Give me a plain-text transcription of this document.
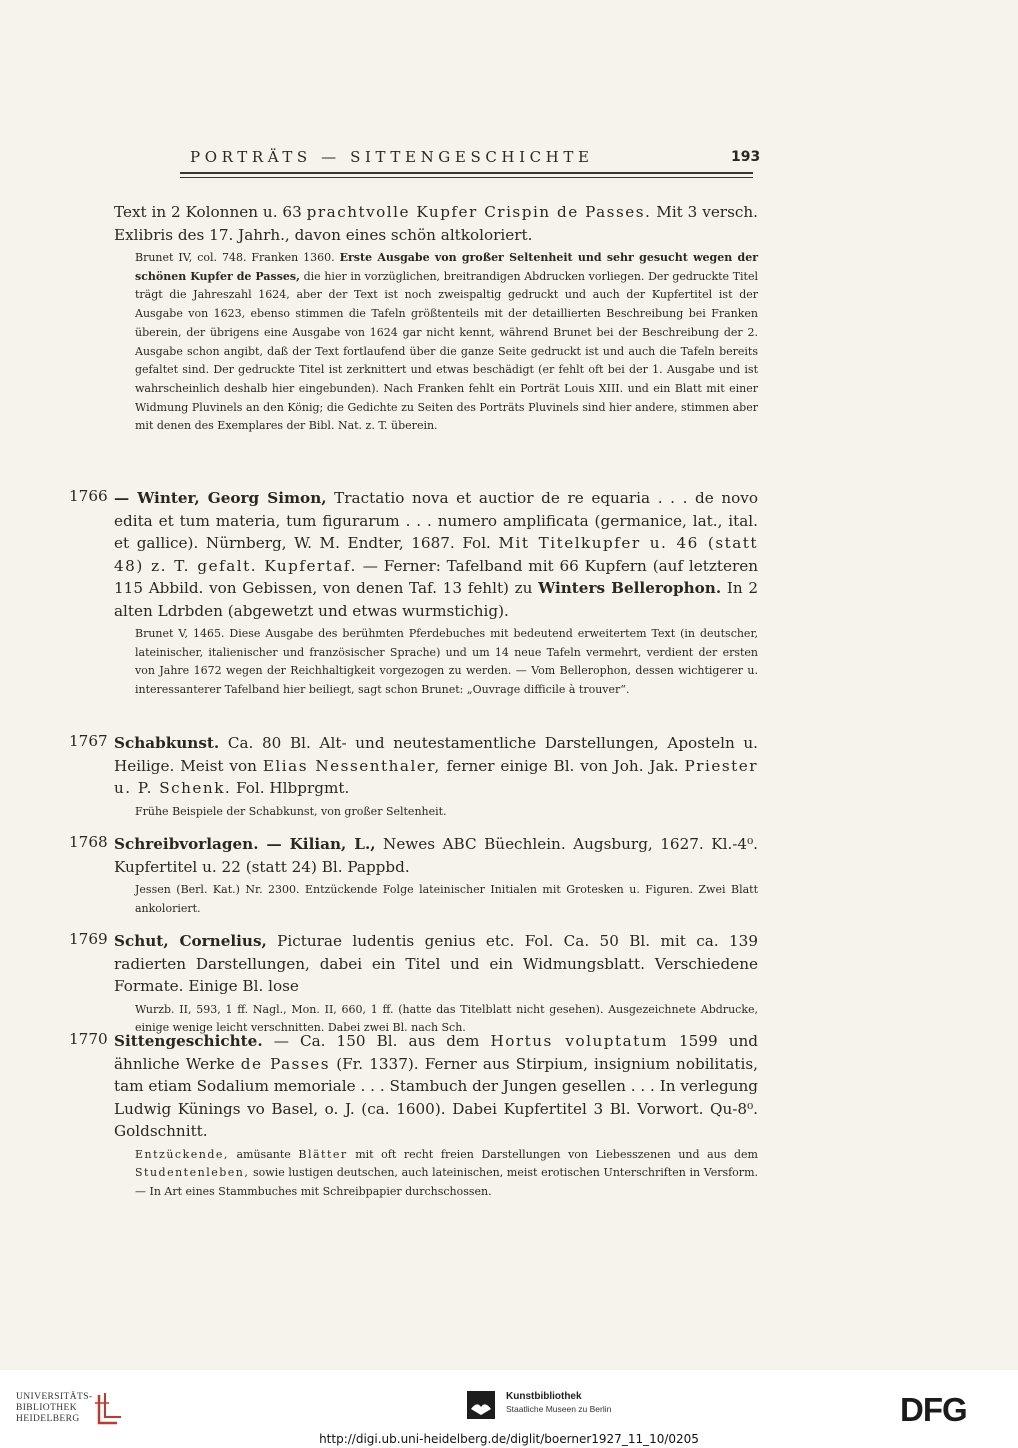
PORTRÄTS — SITTENGESCHICHTE	193
Text in 2 Kolonnen u. 63 prachtvolle Kupfer Crispin de Passes. Mit 3 versch. Exlibris des 17. Jahrh., davon eines schön altkoloriert.
Brunet IV, col. 748. Franken 1360. Erste Ausgabe von großer Seltenheit und sehr gesucht wegen der schönen Kupfer de Passes, die hier in vorzüglichen, breitrandigen Abdrucken vorliegen. Der gedruckte Titel trägt die Jahreszahl 1624, aber der Text ist noch zweispaltig gedruckt und auch der Kupfertitel ist der Ausgabe von 1623, ebenso stimmen die Tafeln größtenteils mit der detaillierten Beschreibung bei Franken überein, der übrigens eine Ausgabe von 1624 gar nicht kennt, während Brunet bei der Beschreibung der 2. Ausgabe schon angibt, daß der Text fortlaufend über die ganze Seite gedruckt ist und auch die Tafeln bereits gefaltet sind. Der gedruckte Titel ist zerknittert und etwas beschädigt (er fehlt oft bei der 1. Ausgabe und ist wahrscheinlich deshalb hier eingebunden). Nach Franken fehlt ein Porträt Louis XIII. und ein Blatt mit einer Widmung Pluvinels an den König; die Gedichte zu Seiten des Porträts Pluvinels sind hier andere, stimmen aber mit denen des Exemplares der Bibl. Nat. z. T. überein.
1766 — Winter, Georg Simon, Tractatio nova et auctior de re equaria . . . de novo edita et tum materia, tum figurarum . . . numero amplificata (germanice, lat., ital. et gallice). Nürnberg, W. M. Endter, 1687. Fol. Mit Titelkupfer u. 46 (statt 48) z. T. gefalt. Kupfertaf. — Ferner: Tafelband mit 66 Kupfern (auf letzteren 115 Abbild. von Gebissen, von denen Taf. 13 fehlt) zu Winters Bellerophon. In 2 alten Ldrbden (abgewetzt und etwas wurmstichig).
Brunet V, 1465. Diese Ausgabe des berühmten Pferdebuches mit bedeutend erweitertem Text (in deutscher, lateinischer, italienischer und französischer Sprache) und um 14 neue Tafeln vermehrt, verdient der ersten von Jahre 1672 wegen der Reichhaltigkeit vorgezogen zu werden. — Vom Bellerophon, dessen wichtigerer u. interessanterer Tafelband hier beiliegt, sagt schon Brunet: „Ouvrage difficile à trouver“.
1767 Schabkunst. Ca. 80 Bl. Alt- und neutestamentliche Darstellungen, Aposteln u. Heilige. Meist von Elias Nessenthaler, ferner einige Bl. von Joh. Jak. Priester u. P. Schenk. Fol. Hlbprgmt.
Frühe Beispiele der Schabkunst, von großer Seltenheit.
1768 Schreibvorlagen. — Kilian, L., Newes ABC Büechlein. Augsburg, 1627. Kl.-4⁰. Kupfertitel u. 22 (statt 24) Bl. Pappbd.
Jessen (Berl. Kat.) Nr. 2300. Entzückende Folge lateinischer Initialen mit Grotesken u. Figuren. Zwei Blatt ankoloriert.
1769 Schut, Cornelius, Picturae ludentis genius etc. Fol. Ca. 50 Bl. mit ca. 139 radierten Darstellungen, dabei ein Titel und ein Widmungsblatt. Verschiedene Formate. Einige Bl. lose
Wurzb. II, 593, 1 ff. Nagl., Mon. II, 660, 1 ff. (hatte das Titelblatt nicht gesehen). Ausgezeichnete Abdrucke, einige wenige leicht verschnitten. Dabei zwei Bl. nach Sch.
1770 Sittengeschichte. — Ca. 150 Bl. aus dem Hortus voluptatum 1599 und ähnliche Werke de Passes (Fr. 1337). Ferner aus Stirpium, insignium nobilitatis, tam etiam Sodalium memoriale . . . Stambuch der Jungen gesellen . . . In verlegung Ludwig Künings vo Basel, o. J. (ca. 1600). Dabei Kupfertitel 3 Bl. Vorwort. Qu-8⁰. Goldschnitt.
Entzückende, amüsante Blätter mit oft recht freien Darstellungen von Liebesszenen und aus dem Studentenleben, sowie lustigen deutschen, auch lateinischen, meist erotischen Unterschriften in Versform. — In Art eines Stammbuches mit Schreibpapier durchschossen.
UNIVERSITÄTS-
BIBLIOTHEK
HEIDELBERG
Kunstbibliothek
Staatliche Museen zu Berlin	DFG
http://digi.ub.uni-heidelberg.de/diglit/boerner1927_11_10/0205
